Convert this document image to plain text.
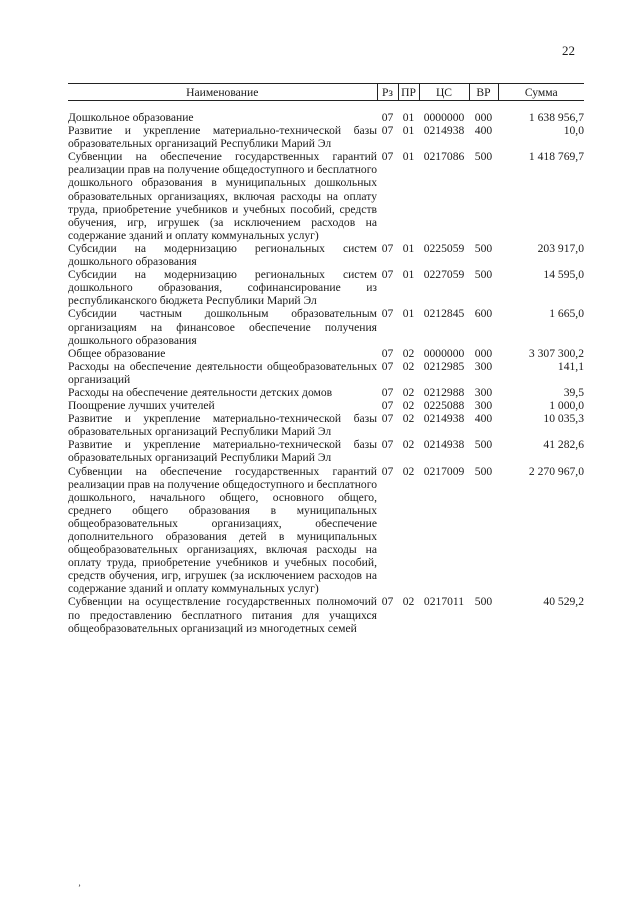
22
Наименование	Рз	ПР	ЦС	ВР	Сумма

Дошкольное образование	07	01	0000000	000	1 638 956,7
Развитие и укрепление материально-технической базы образовательных организаций Республики Марий Эл	07	01	0214938	400	10,0
Субвенции на обеспечение государственных гарантий реализации прав на получение общедоступного и бесплатного дошкольного образования в муниципальных дошкольных образовательных организациях, включая расходы на оплату труда, приобретение учебников и учебных пособий, средств обучения, игр, игрушек (за исключением расходов на содержание зданий и оплату коммунальных услуг)	07	01	0217086	500	1 418 769,7
Субсидии на модернизацию региональных систем дошкольного образования	07	01	0225059	500	203 917,0
Субсидии на модернизацию региональных систем дошкольного образования, софинансирование из республиканского бюджета Республики Марий Эл	07	01	0227059	500	14 595,0
Субсидии частным дошкольным образовательным организациям на финансовое обеспечение получения дошкольного образования	07	01	0212845	600	1 665,0
Общее образование	07	02	0000000	000	3 307 300,2
Расходы на обеспечение деятельности общеобразовательных организаций	07	02	0212985	300	141,1
Расходы на обеспечение деятельности детских домов	07	02	0212988	300	39,5
Поощрение лучших учителей	07	02	0225088	300	1 000,0
Развитие и укрепление материально-технической базы образовательных организаций Республики Марий Эл	07	02	0214938	400	10 035,3
Развитие и укрепление материально-технической базы образовательных организаций Республики Марий Эл	07	02	0214938	500	41 282,6
Субвенции на обеспечение государственных гарантий реализации прав на получение общедоступного и бесплатного дошкольного, начального общего, основного общего, среднего общего образования в муниципальных общеобразовательных организациях, обеспечение дополнительного образования детей в муниципальных общеобразовательных организациях, включая расходы на оплату труда, приобретение учебников и учебных пособий, средств обучения, игр, игрушек (за исключением расходов на содержание зданий и оплату коммунальных услуг)	07	02	0217009	500	2 270 967,0
Субвенции на осуществление государственных полномочий по предоставлению бесплатного питания для учащихся общеобразовательных организаций из многодетных семей	07	02	0217011	500	40 529,2
ʼ
